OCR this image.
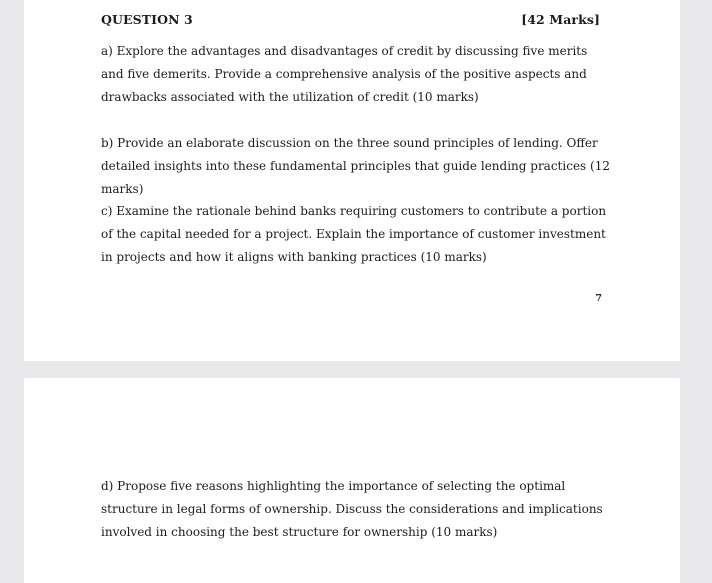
QUESTION 3	[42 Marks]

a) Explore the advantages and disadvantages of credit by discussing five merits and five demerits. Provide a comprehensive analysis of the positive aspects and drawbacks associated with the utilization of credit (10 marks)

b) Provide an elaborate discussion on the three sound principles of lending. Offer detailed insights into these fundamental principles that guide lending practices (12 marks)

c) Examine the rationale behind banks requiring customers to contribute a portion of the capital needed for a project. Explain the importance of customer investment in projects and how it aligns with banking practices (10 marks)

7

d) Propose five reasons highlighting the importance of selecting the optimal structure in legal forms of ownership. Discuss the considerations and implications involved in choosing the best structure for ownership (10 marks)
